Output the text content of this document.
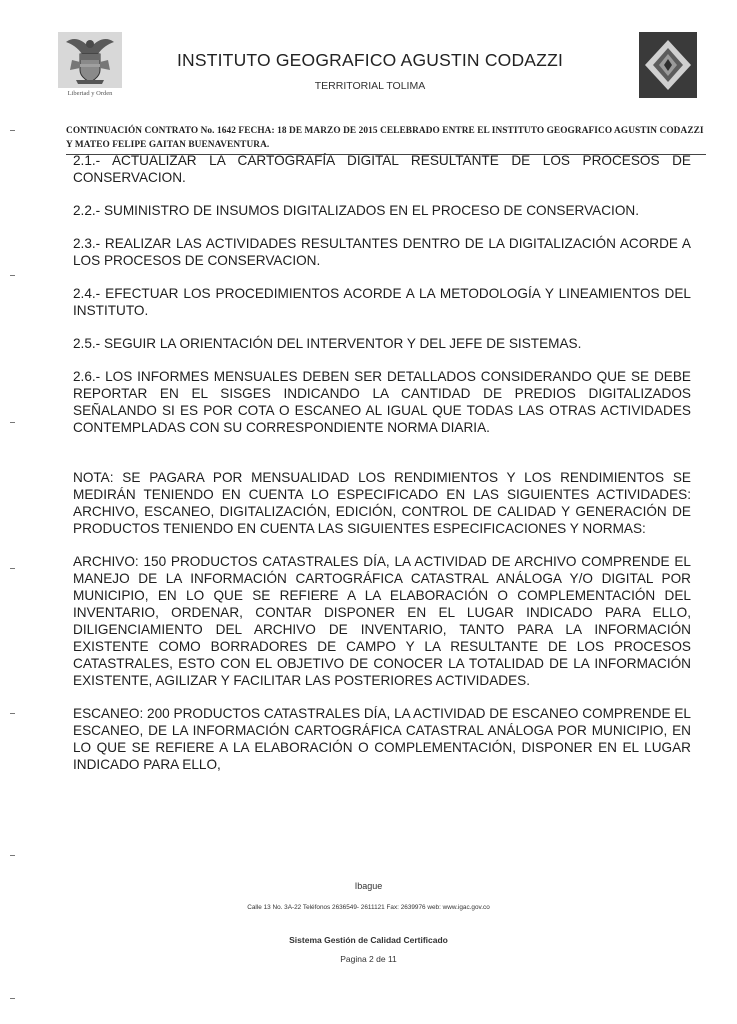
Libertad y Orden
INSTITUTO GEOGRAFICO AGUSTIN CODAZZI
TERRITORIAL TOLIMA
CONTINUACIÓN CONTRATO No. 1642 FECHA: 18 DE MARZO DE 2015 CELEBRADO ENTRE EL INSTITUTO GEOGRAFICO AGUSTIN CODAZZI Y MATEO FELIPE GAITAN BUENAVENTURA.

2.1.- ACTUALIZAR LA CARTOGRAFÍA DIGITAL RESULTANTE DE LOS PROCESOS DE CONSERVACION.

2.2.- SUMINISTRO DE INSUMOS DIGITALIZADOS EN EL PROCESO DE CONSERVACION.

2.3.- REALIZAR LAS ACTIVIDADES RESULTANTES DENTRO DE LA DIGITALIZACIÓN ACORDE A LOS PROCESOS DE CONSERVACION.

2.4.- EFECTUAR LOS PROCEDIMIENTOS ACORDE A LA METODOLOGÍA Y LINEAMIENTOS DEL INSTITUTO.

2.5.- SEGUIR LA ORIENTACIÓN DEL INTERVENTOR Y DEL JEFE DE SISTEMAS.

2.6.- LOS INFORMES MENSUALES DEBEN SER DETALLADOS CONSIDERANDO QUE SE DEBE REPORTAR EN EL SISGES INDICANDO LA CANTIDAD DE PREDIOS DIGITALIZADOS SEÑALANDO SI ES POR COTA O ESCANEO AL IGUAL QUE TODAS LAS OTRAS ACTIVIDADES CONTEMPLADAS CON SU CORRESPONDIENTE NORMA DIARIA.

NOTA: SE PAGARA POR MENSUALIDAD LOS RENDIMIENTOS Y LOS RENDIMIENTOS SE MEDIRÁN TENIENDO EN CUENTA LO ESPECIFICADO EN LAS SIGUIENTES ACTIVIDADES: ARCHIVO, ESCANEO, DIGITALIZACIÓN, EDICIÓN, CONTROL DE CALIDAD Y GENERACIÓN DE PRODUCTOS TENIENDO EN CUENTA LAS SIGUIENTES ESPECIFICACIONES Y NORMAS:

ARCHIVO: 150 PRODUCTOS CATASTRALES DÍA, LA ACTIVIDAD DE ARCHIVO COMPRENDE EL MANEJO DE LA INFORMACIÓN CARTOGRÁFICA CATASTRAL ANÁLOGA Y/O DIGITAL POR MUNICIPIO, EN LO QUE SE REFIERE A LA ELABORACIÓN O COMPLEMENTACIÓN DEL INVENTARIO, ORDENAR, CONTAR DISPONER EN EL LUGAR INDICADO PARA ELLO, DILIGENCIAMIENTO DEL ARCHIVO DE INVENTARIO, TANTO PARA LA INFORMACIÓN EXISTENTE COMO BORRADORES DE CAMPO Y LA RESULTANTE DE LOS PROCESOS CATASTRALES, ESTO CON EL OBJETIVO DE CONOCER LA TOTALIDAD DE LA INFORMACIÓN EXISTENTE, AGILIZAR Y FACILITAR LAS POSTERIORES ACTIVIDADES.

ESCANEO: 200 PRODUCTOS CATASTRALES DÍA, LA ACTIVIDAD DE ESCANEO COMPRENDE EL ESCANEO, DE LA INFORMACIÓN CARTOGRÁFICA CATASTRAL ANÁLOGA POR MUNICIPIO, EN LO QUE SE REFIERE A LA ELABORACIÓN O COMPLEMENTACIÓN, DISPONER EN EL LUGAR INDICADO PARA ELLO,

Ibague
Calle 13 No. 3A-22 Teléfonos 2636549- 2611121 Fax: 2639976 web: www.igac.gov.co
Sistema Gestión de Calidad Certificado
Pagina 2 de 11
